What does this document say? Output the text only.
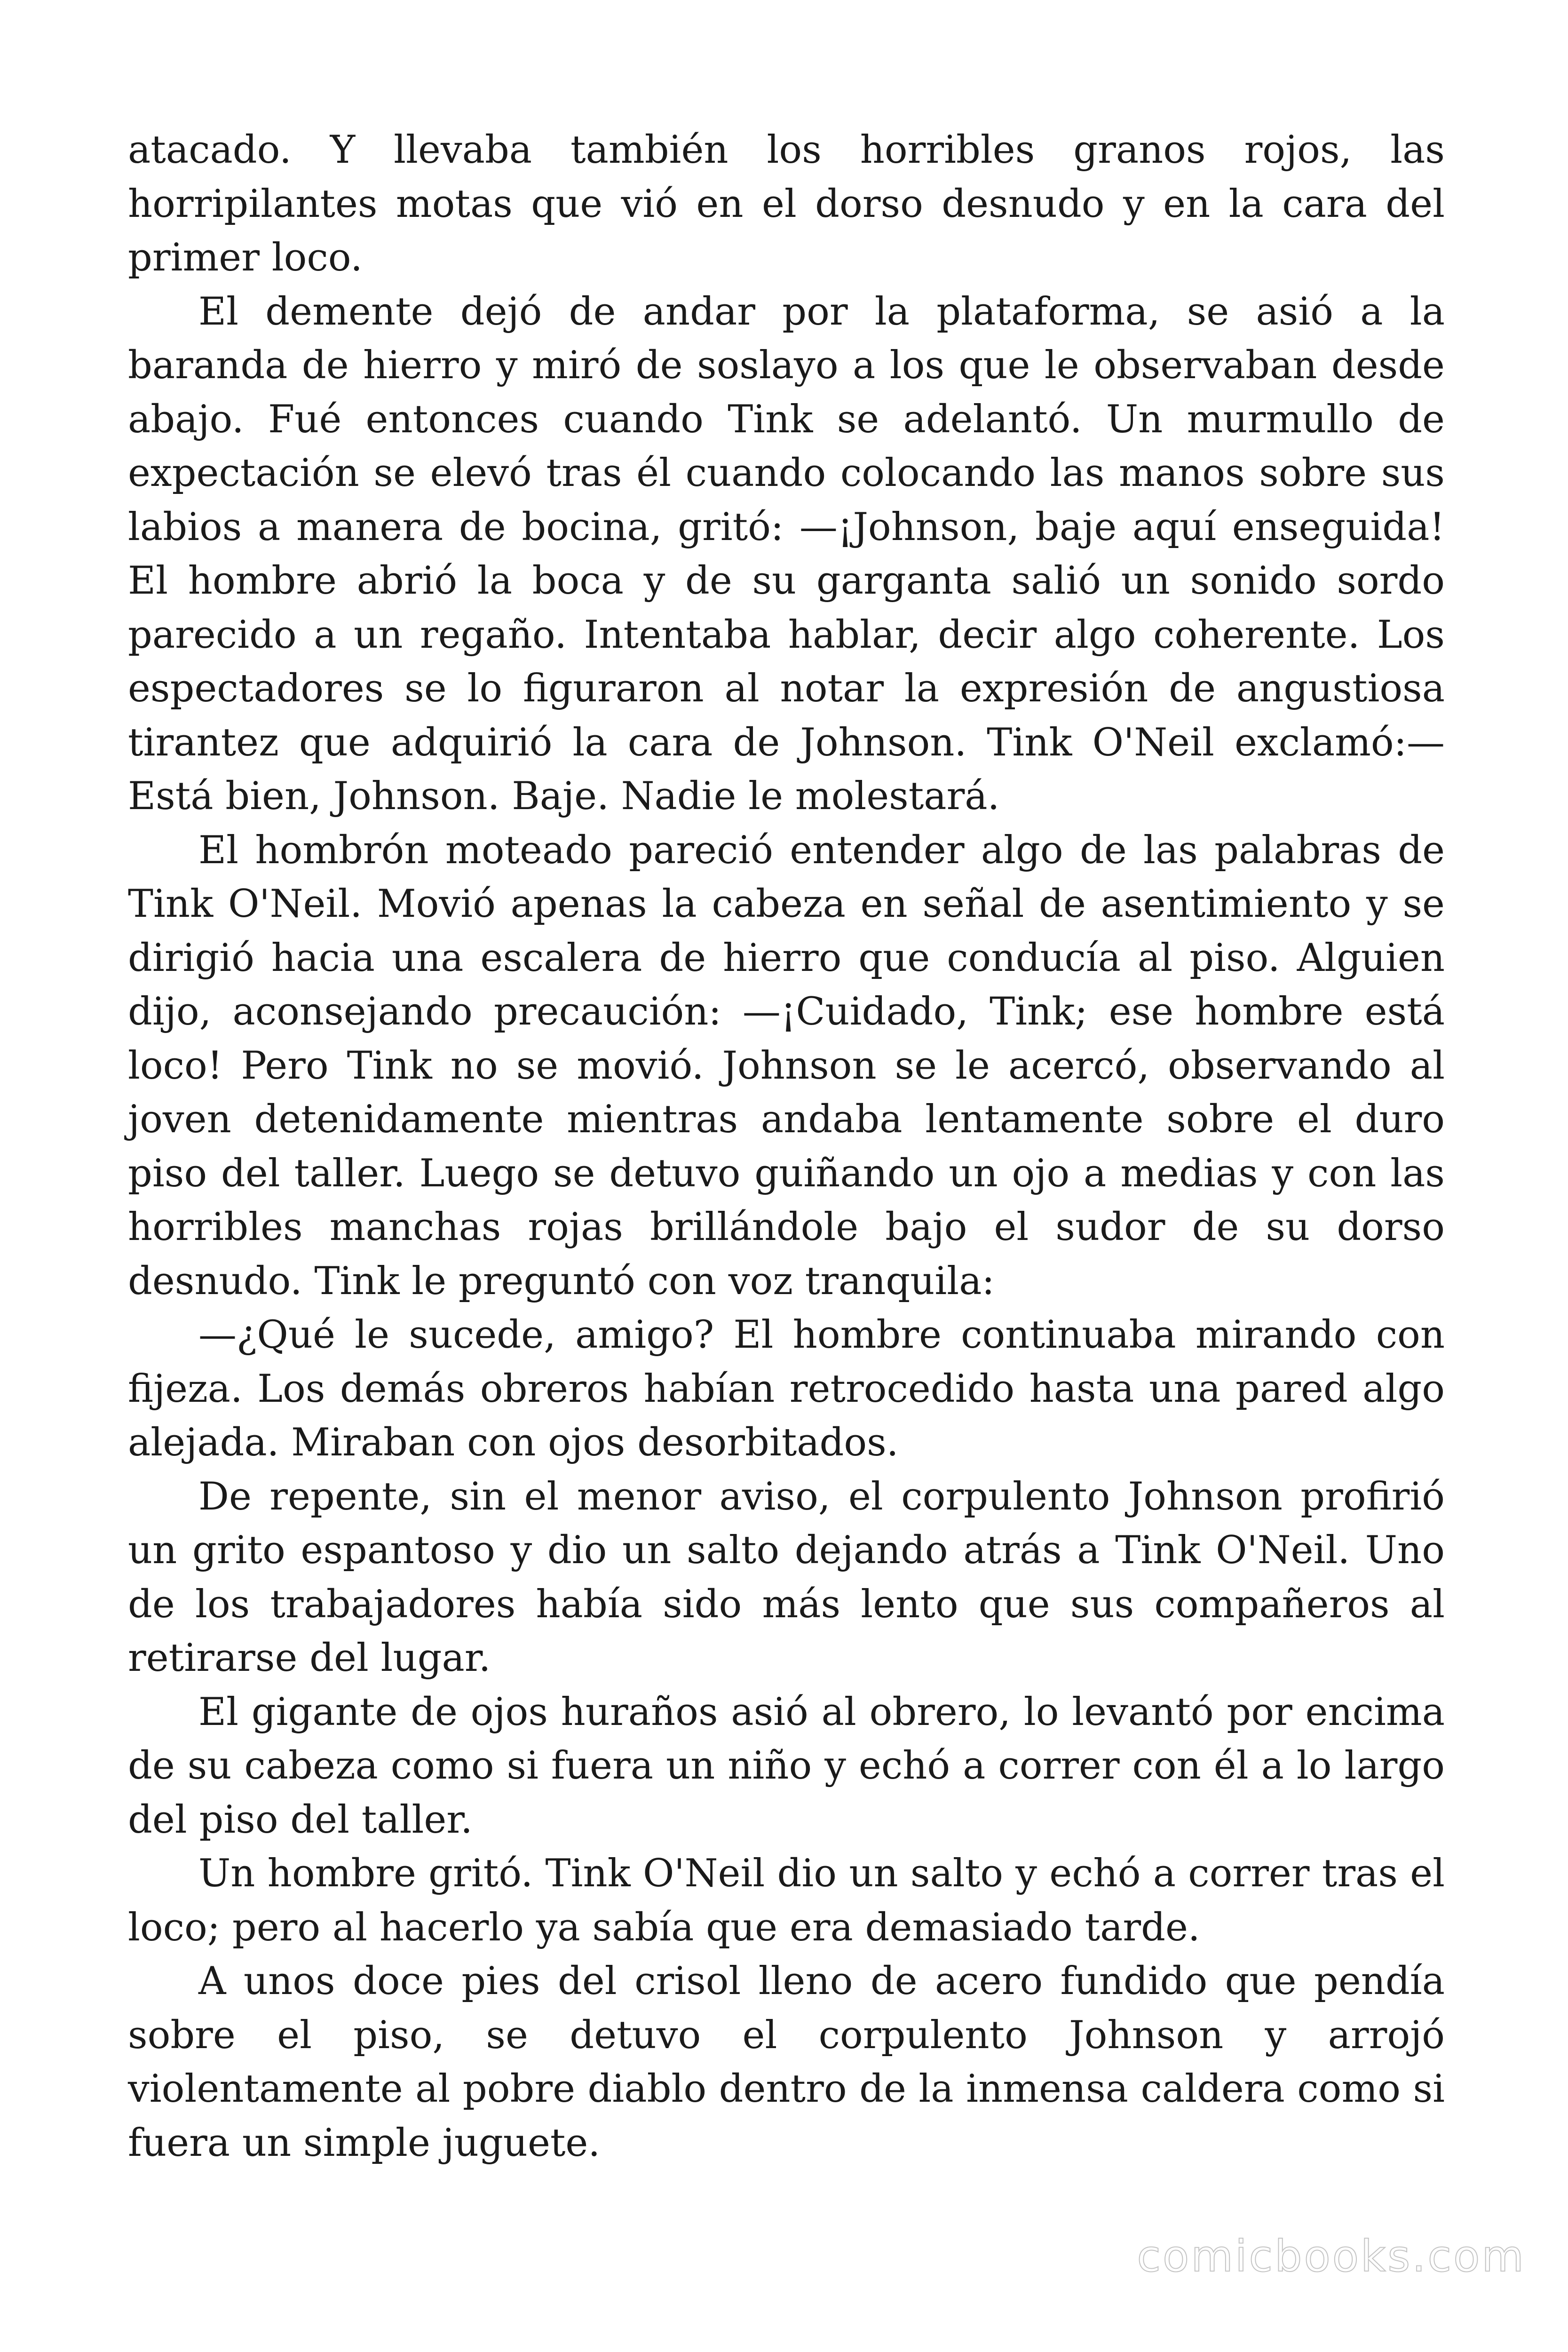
atacado. Y llevaba también los horribles granos rojos, las horripilantes motas que vió en el dorso desnudo y en la cara del primer loco.

El demente dejó de andar por la plataforma, se asió a la baranda de hierro y miró de soslayo a los que le observaban desde abajo. Fué entonces cuando Tink se adelantó. Un murmullo de expectación se elevó tras él cuando colocando las manos sobre sus labios a manera de bocina, gritó: —¡Johnson, baje aquí enseguida! El hombre abrió la boca y de su garganta salió un sonido sordo parecido a un regaño. Intentaba hablar, decir algo coherente. Los espectadores se lo figuraron al notar la expresión de angustiosa tirantez que adquirió la cara de Johnson. Tink O'Neil exclamó:— Está bien, Johnson. Baje. Nadie le molestará.

El hombrón moteado pareció entender algo de las palabras de Tink O'Neil. Movió apenas la cabeza en señal de asentimiento y se dirigió hacia una escalera de hierro que conducía al piso. Alguien dijo, aconsejando precaución: —¡Cuidado, Tink; ese hombre está loco! Pero Tink no se movió. Johnson se le acercó, observando al joven detenidamente mientras andaba lentamente sobre el duro piso del taller. Luego se detuvo guiñando un ojo a medias y con las horribles manchas rojas brillándole bajo el sudor de su dorso desnudo. Tink le preguntó con voz tranquila:

—¿Qué le sucede, amigo? El hombre continuaba mirando con fijeza. Los demás obreros habían retrocedido hasta una pared algo alejada. Miraban con ojos desorbitados.

De repente, sin el menor aviso, el corpulento Johnson profirió un grito espantoso y dio un salto dejando atrás a Tink O'Neil. Uno de los trabajadores había sido más lento que sus compañeros al retirarse del lugar.

El gigante de ojos huraños asió al obrero, lo levantó por encima de su cabeza como si fuera un niño y echó a correr con él a lo largo del piso del taller.

Un hombre gritó. Tink O'Neil dio un salto y echó a correr tras el loco; pero al hacerlo ya sabía que era demasiado tarde.

A unos doce pies del crisol lleno de acero fundido que pendía sobre el piso, se detuvo el corpulento Johnson y arrojó violentamente al pobre diablo dentro de la inmensa caldera como si fuera un simple juguete.

comicbooks.com
